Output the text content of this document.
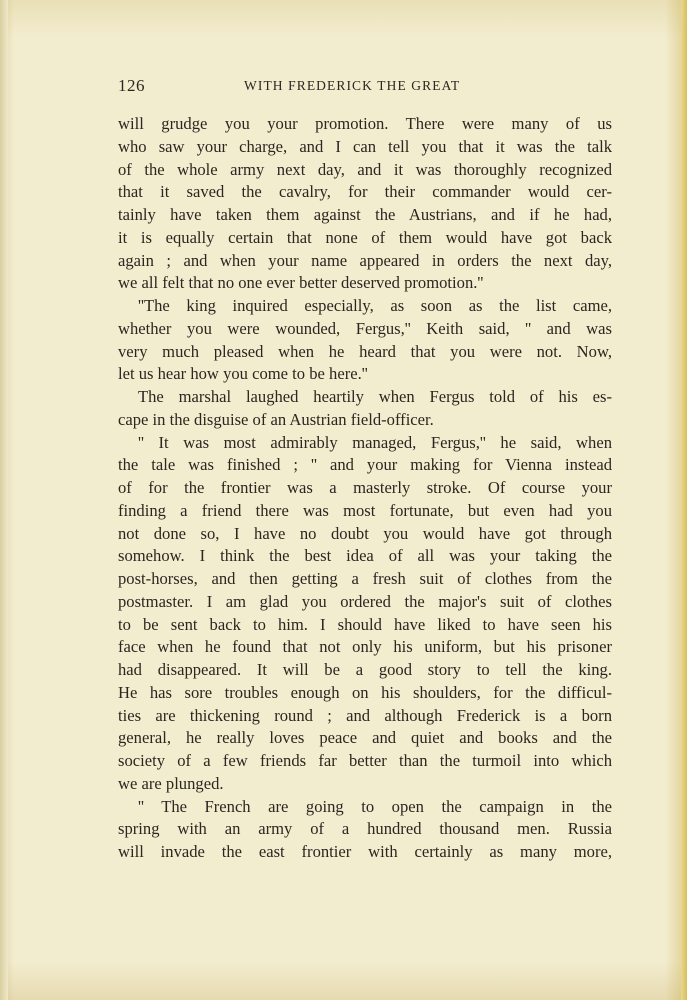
126	WITH FREDERICK THE GREAT
will grudge you your promotion. There were many of us
who saw your charge, and I can tell you that it was the talk
of the whole army next day, and it was thoroughly recognized
that it saved the cavalry, for their commander would cer-
tainly have taken them against the Austrians, and if he had,
it is equally certain that none of them would have got back
again ; and when your name appeared in orders the next day,
we all felt that no one ever better deserved promotion.''
''The king inquired especially, as soon as the list came,
whether you were wounded, Fergus,'' Keith said, '' and was
very much pleased when he heard that you were not. Now,
let us hear how you come to be here.''
The marshal laughed heartily when Fergus told of his es-
cape in the disguise of an Austrian field-officer.
'' It was most admirably managed, Fergus,'' he said, when
the tale was finished ; '' and your making for Vienna instead
of for the frontier was a masterly stroke. Of course your
finding a friend there was most fortunate, but even had you
not done so, I have no doubt you would have got through
somehow. I think the best idea of all was your taking the
post-horses, and then getting a fresh suit of clothes from the
postmaster. I am glad you ordered the major's suit of clothes
to be sent back to him. I should have liked to have seen his
face when he found that not only his uniform, but his prisoner
had disappeared. It will be a good story to tell the king.
He has sore troubles enough on his shoulders, for the difficul-
ties are thickening round ; and although Frederick is a born
general, he really loves peace and quiet and books and the
society of a few friends far better than the turmoil into which
we are plunged.
'' The French are going to open the campaign in the
spring with an army of a hundred thousand men. Russia
will invade the east frontier with certainly as many more,
